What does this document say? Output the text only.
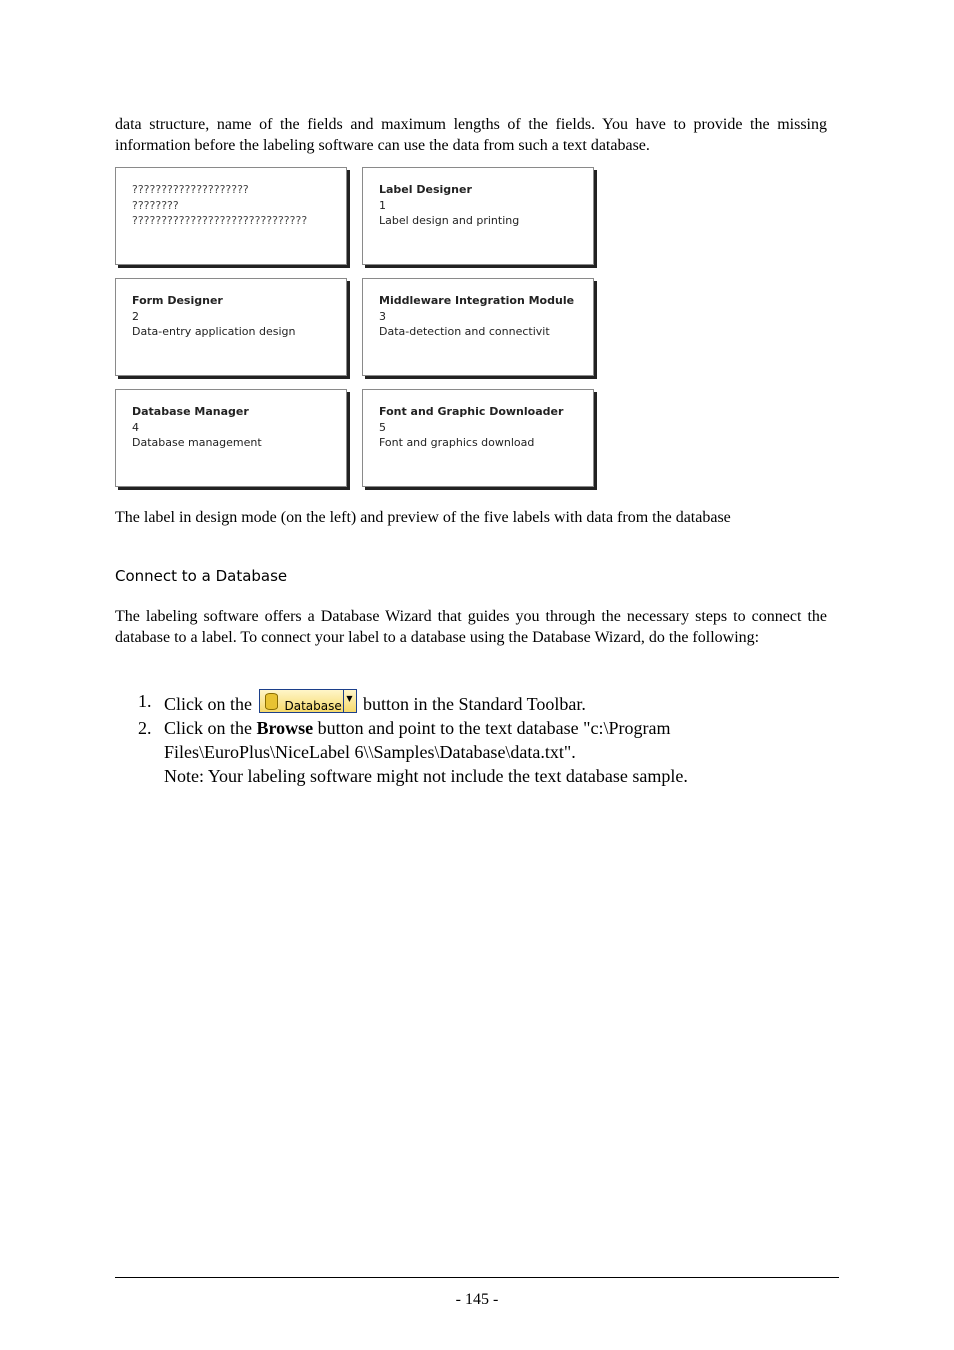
data structure, name of the fields and maximum lengths of the fields. You have to provide the missing information before the labeling software can use the data from such a text database.

????????????????????
????????
??????????????????????????????
Label Designer
1
Label design and printing
Form Designer
2
Data-entry application design
Middleware Integration Module
3
Data-detection and connectivit
Database Manager
4
Database management
Font and Graphic Downloader
5
Font and graphics download
The label in design mode (on the left) and preview of the five labels with data from the database
Connect to a Database

The labeling software offers a Database Wizard that guides you through the necessary steps to connect the database to a label. To connect your label to a database using the Database Wizard, do the following:

1. Click on the	Database
▼ button in the Standard Toolbar.
2. Click on the Browse button and point to the text database "c:\Program Files\EuroPlus\NiceLabel 6\\Samples\Database\data.txt".
Note: Your labeling software might not include the text database sample.
- 145 -
